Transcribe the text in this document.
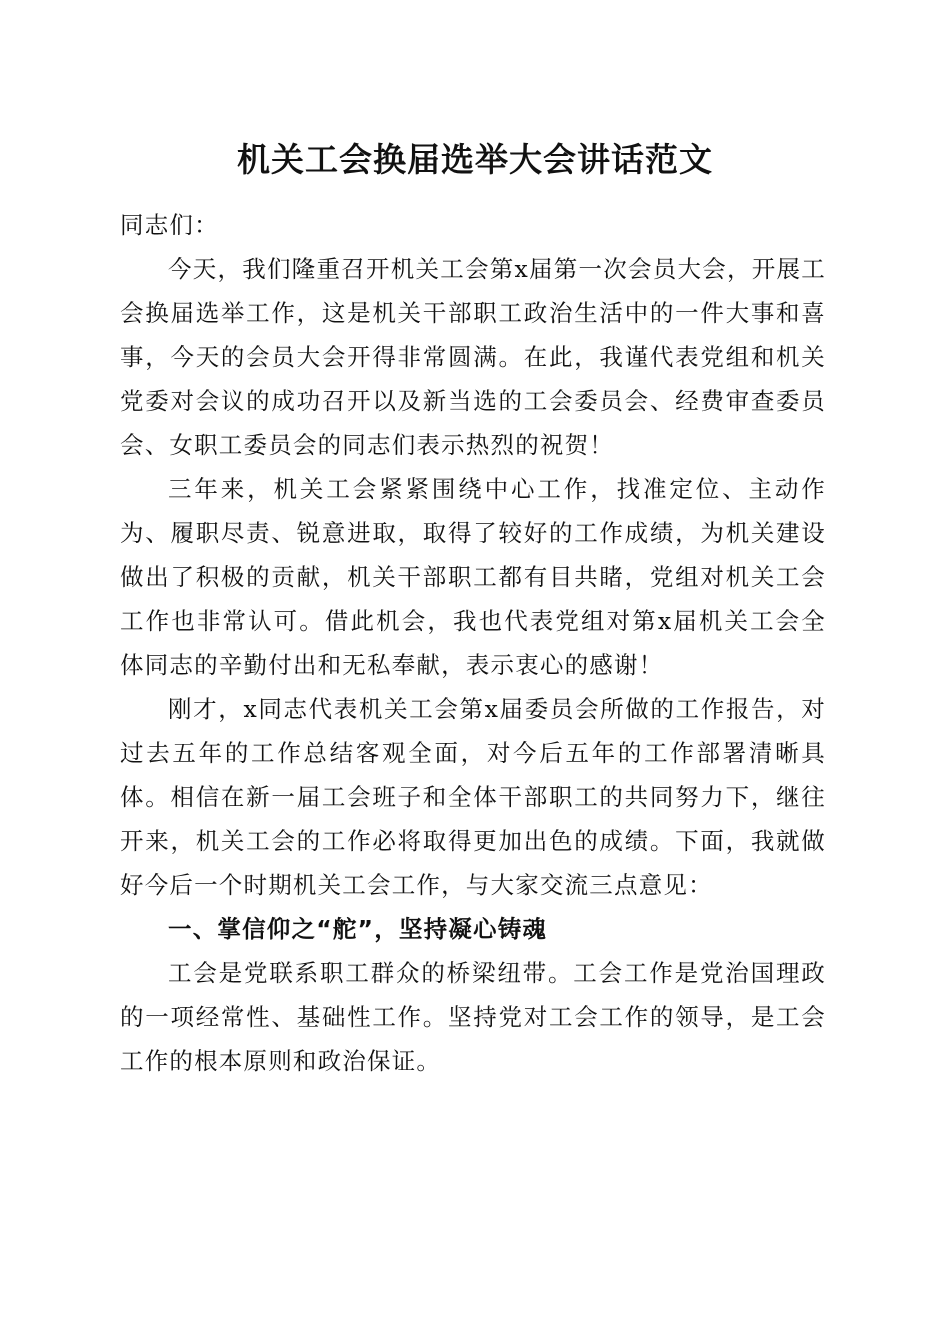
机关工会换届选举大会讲话范文

同志们：

今天，我们隆重召开机关工会第x届第一次会员大会，开展工会换届选举工作，这是机关干部职工政治生活中的一件大事和喜事，今天的会员大会开得非常圆满。在此，我谨代表党组和机关党委对会议的成功召开以及新当选的工会委员会、经费审查委员会、女职工委员会的同志们表示热烈的祝贺！

三年来，机关工会紧紧围绕中心工作，找准定位、主动作为、履职尽责、锐意进取，取得了较好的工作成绩，为机关建设做出了积极的贡献，机关干部职工都有目共睹，党组对机关工会工作也非常认可。借此机会，我也代表党组对第x届机关工会全体同志的辛勤付出和无私奉献，表示衷心的感谢！

刚才，x同志代表机关工会第x届委员会所做的工作报告，对过去五年的工作总结客观全面，对今后五年的工作部署清晰具体。相信在新一届工会班子和全体干部职工的共同努力下，继往开来，机关工会的工作必将取得更加出色的成绩。下面，我就做好今后一个时期机关工会工作，与大家交流三点意见：

一、掌信仰之“舵”，坚持凝心铸魂

工会是党联系职工群众的桥梁纽带。工会工作是党治国理政的一项经常性、基础性工作。坚持党对工会工作的领导，是工会工作的根本原则和政治保证。
